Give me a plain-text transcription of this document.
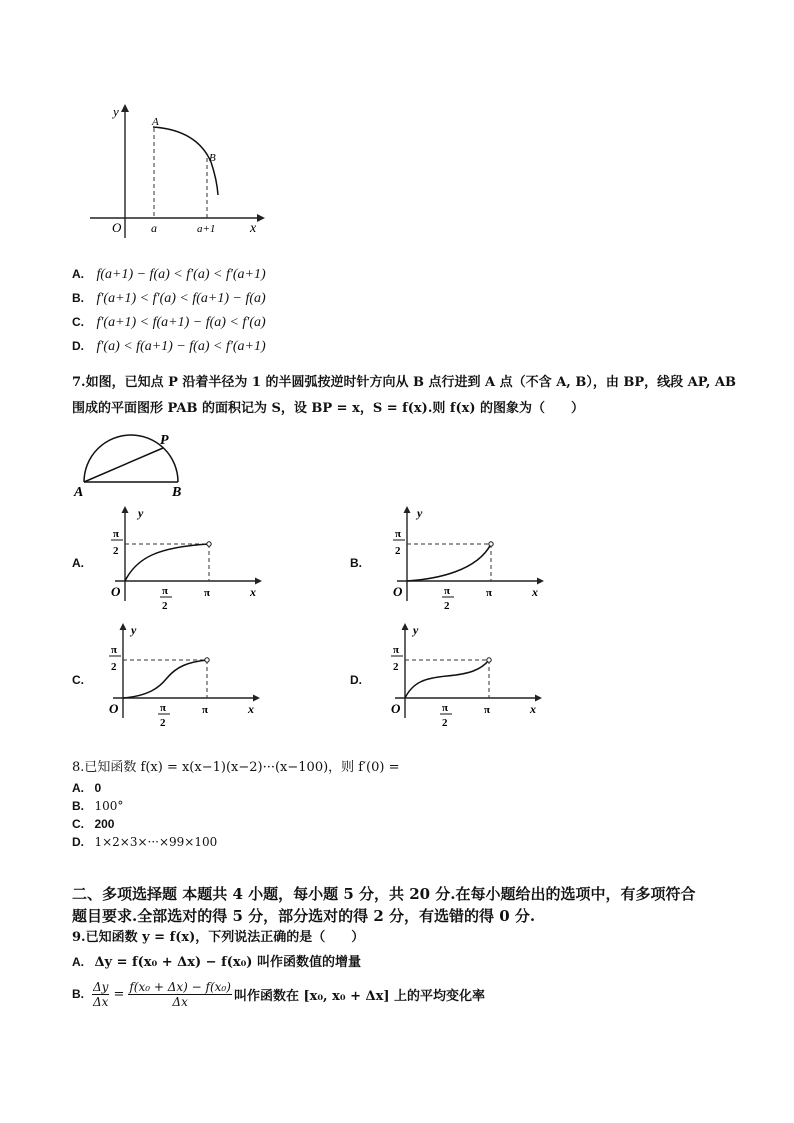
y
O a	a+1 x
A
B
A. f(a+1) − f(a) < f′(a) < f′(a+1)
B. f′(a+1) < f′(a) < f(a+1) − f(a)
C. f′(a+1) < f(a+1) − f(a) < f′(a)
D. f′(a) < f(a+1) − f(a) < f′(a+1)
7.如图，已知点 P 沿着半径为 1 的半圆弧按逆时针方向从 B 点行进到 A 点（不含 A, B），由 BP，线段 AP, AB
围成的平面图形 PAB 的面积记为 S，设 BP = x，S = f(x).则 f(x) 的图象为（　　）
A	B
P
A.	B.
C.	D.
y
π
2
O	π
2
π	x
y
π
2
O	π
2
π	x
y
π
2
O	π
2
π	x
y
π
2
O	π
2
π	x
8.已知函数 f(x) = x(x−1)(x−2)···(x−100)，则 f′(0) =
A. 0
B. 100°
C. 200
D. 1×2×3×···×99×100
二、多项选择题 本题共 4 小题，每小题 5 分，共 20 分.在每小题给出的选项中，有多项符合
题目要求.全部选对的得 5 分，部分选对的得 2 分，有选错的得 0 分.
9.已知函数 y = f(x)，下列说法正确的是（　　）
A. Δy = f(x₀ + Δx) − f(x₀) 叫作函数值的增量
B. $\frac{\Delta y}{\Delta x} = \frac{\text{f(x₀ + Δx) − f(x₀)}}{\Delta x}$ 叫作函数在 [x₀, x₀ + Δx] 上的平均变化率
